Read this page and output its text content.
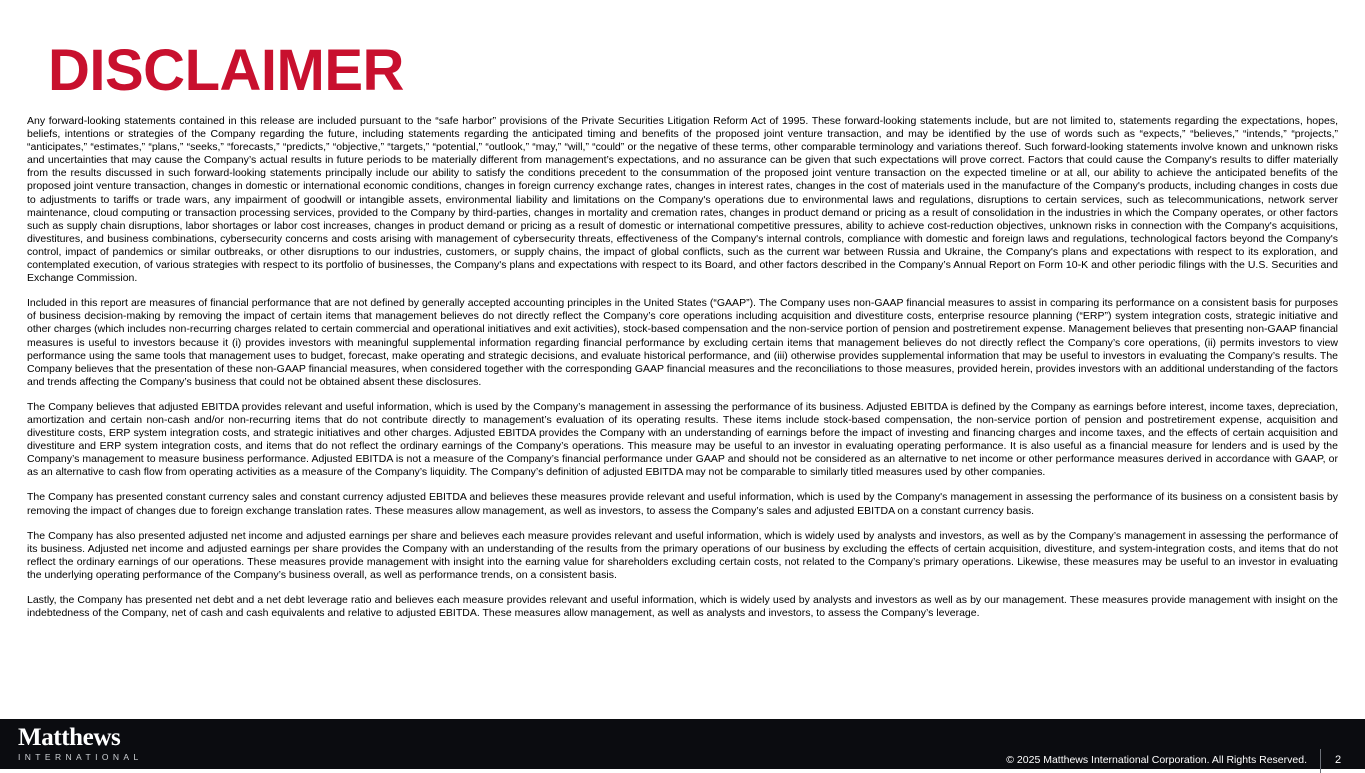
DISCLAIMER

Any forward-looking statements contained in this release are included pursuant to the “safe harbor” provisions of the Private Securities Litigation Reform Act of 1995. These forward-looking statements include, but are not limited to, statements regarding the expectations, hopes, beliefs, intentions or strategies of the Company regarding the future, including statements regarding the anticipated timing and benefits of the proposed joint venture transaction, and may be identified by the use of words such as “expects,” “believes,” “intends,” “projects,” “anticipates,” “estimates,” “plans,” “seeks,” “forecasts,” “predicts,” “objective,” “targets,” “potential,” “outlook,” “may,” “will,” “could” or the negative of these terms, other comparable terminology and variations thereof. Such forward-looking statements involve known and unknown risks and uncertainties that may cause the Company’s actual results in future periods to be materially different from management’s expectations, and no assurance can be given that such expectations will prove correct. Factors that could cause the Company's results to differ materially from the results discussed in such forward-looking statements principally include our ability to satisfy the conditions precedent to the consummation of the proposed joint venture transaction on the expected timeline or at all, our ability to achieve the anticipated benefits of the proposed joint venture transaction, changes in domestic or international economic conditions, changes in foreign currency exchange rates, changes in interest rates, changes in the cost of materials used in the manufacture of the Company's products, including changes in costs due to adjustments to tariffs or trade wars, any impairment of goodwill or intangible assets, environmental liability and limitations on the Company's operations due to environmental laws and regulations, disruptions to certain services, such as telecommunications, network server maintenance, cloud computing or transaction processing services, provided to the Company by third-parties, changes in mortality and cremation rates, changes in product demand or pricing as a result of consolidation in the industries in which the Company operates, or other factors such as supply chain disruptions, labor shortages or labor cost increases, changes in product demand or pricing as a result of domestic or international competitive pressures, ability to achieve cost-reduction objectives, unknown risks in connection with the Company's acquisitions, divestitures, and business combinations, cybersecurity concerns and costs arising with management of cybersecurity threats, effectiveness of the Company's internal controls, compliance with domestic and foreign laws and regulations, technological factors beyond the Company's control, impact of pandemics or similar outbreaks, or other disruptions to our industries, customers, or supply chains, the impact of global conflicts, such as the current war between Russia and Ukraine, the Company's plans and expectations with respect to its exploration, and contemplated execution, of various strategies with respect to its portfolio of businesses, the Company's plans and expectations with respect to its Board, and other factors described in the Company’s Annual Report on Form 10-K and other periodic filings with the U.S. Securities and Exchange Commission.

Included in this report are measures of financial performance that are not defined by generally accepted accounting principles in the United States (“GAAP”). The Company uses non-GAAP financial measures to assist in comparing its performance on a consistent basis for purposes of business decision-making by removing the impact of certain items that management believes do not directly reflect the Company’s core operations including acquisition and divestiture costs, enterprise resource planning (“ERP”) system integration costs, strategic initiative and other charges (which includes non-recurring charges related to certain commercial and operational initiatives and exit activities), stock-based compensation and the non-service portion of pension and postretirement expense. Management believes that presenting non-GAAP financial measures is useful to investors because it (i) provides investors with meaningful supplemental information regarding financial performance by excluding certain items that management believes do not directly reflect the Company’s core operations, (ii) permits investors to view performance using the same tools that management uses to budget, forecast, make operating and strategic decisions, and evaluate historical performance, and (iii) otherwise provides supplemental information that may be useful to investors in evaluating the Company’s results. The Company believes that the presentation of these non-GAAP financial measures, when considered together with the corresponding GAAP financial measures and the reconciliations to those measures, provided herein, provides investors with an additional understanding of the factors and trends affecting the Company’s business that could not be obtained absent these disclosures.

The Company believes that adjusted EBITDA provides relevant and useful information, which is used by the Company’s management in assessing the performance of its business. Adjusted EBITDA is defined by the Company as earnings before interest, income taxes, depreciation, amortization and certain non-cash and/or non-recurring items that do not contribute directly to management’s evaluation of its operating results. These items include stock-based compensation, the non-service portion of pension and postretirement expense, acquisition and divestiture costs, ERP system integration costs, and strategic initiatives and other charges. Adjusted EBITDA provides the Company with an understanding of earnings before the impact of investing and financing charges and income taxes, and the effects of certain acquisition and divestiture and ERP system integration costs, and items that do not reflect the ordinary earnings of the Company’s operations. This measure may be useful to an investor in evaluating operating performance. It is also useful as a financial measure for lenders and is used by the Company’s management to measure business performance. Adjusted EBITDA is not a measure of the Company’s financial performance under GAAP and should not be considered as an alternative to net income or other performance measures derived in accordance with GAAP, or as an alternative to cash flow from operating activities as a measure of the Company’s liquidity. The Company’s definition of adjusted EBITDA may not be comparable to similarly titled measures used by other companies.

The Company has presented constant currency sales and constant currency adjusted EBITDA and believes these measures provide relevant and useful information, which is used by the Company's management in assessing the performance of its business on a consistent basis by removing the impact of changes due to foreign exchange translation rates. These measures allow management, as well as investors, to assess the Company’s sales and adjusted EBITDA on a constant currency basis.

The Company has also presented adjusted net income and adjusted earnings per share and believes each measure provides relevant and useful information, which is widely used by analysts and investors, as well as by the Company’s management in assessing the performance of its business. Adjusted net income and adjusted earnings per share provides the Company with an understanding of the results from the primary operations of our business by excluding the effects of certain acquisition, divestiture, and system-integration costs, and items that do not reflect the ordinary earnings of our operations. These measures provide management with insight into the earning value for shareholders excluding certain costs, not related to the Company’s primary operations. Likewise, these measures may be useful to an investor in evaluating the underlying operating performance of the Company’s business overall, as well as performance trends, on a consistent basis.

Lastly, the Company has presented net debt and a net debt leverage ratio and believes each measure provides relevant and useful information, which is widely used by analysts and investors as well as by our management. These measures provide management with insight on the indebtedness of the Company, net of cash and cash equivalents and relative to adjusted EBITDA. These measures allow management, as well as analysts and investors, to assess the Company’s leverage.

Matthews
INTERNATIONAL	© 2025 Matthews International Corporation. All Rights Reserved.	2
